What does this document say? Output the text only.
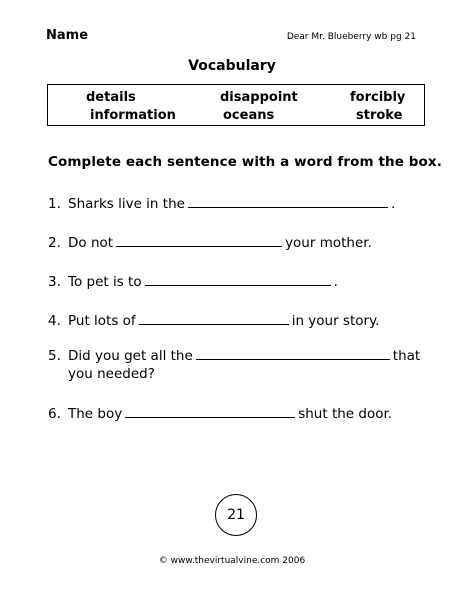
Name	Dear Mr. Blueberry wb pg 21
Vocabulary
details	disappoint	forcibly
information	oceans	stroke
Complete each sentence with a word from the box.
1. Sharks live in the	.
2. Do not	your mother.
3. To pet is to	.
4. Put lots of	in your story.
5. Did you get all the	that
you needed?
6. The boy	shut the door.
21
© www.thevirtualvine.com 2006
